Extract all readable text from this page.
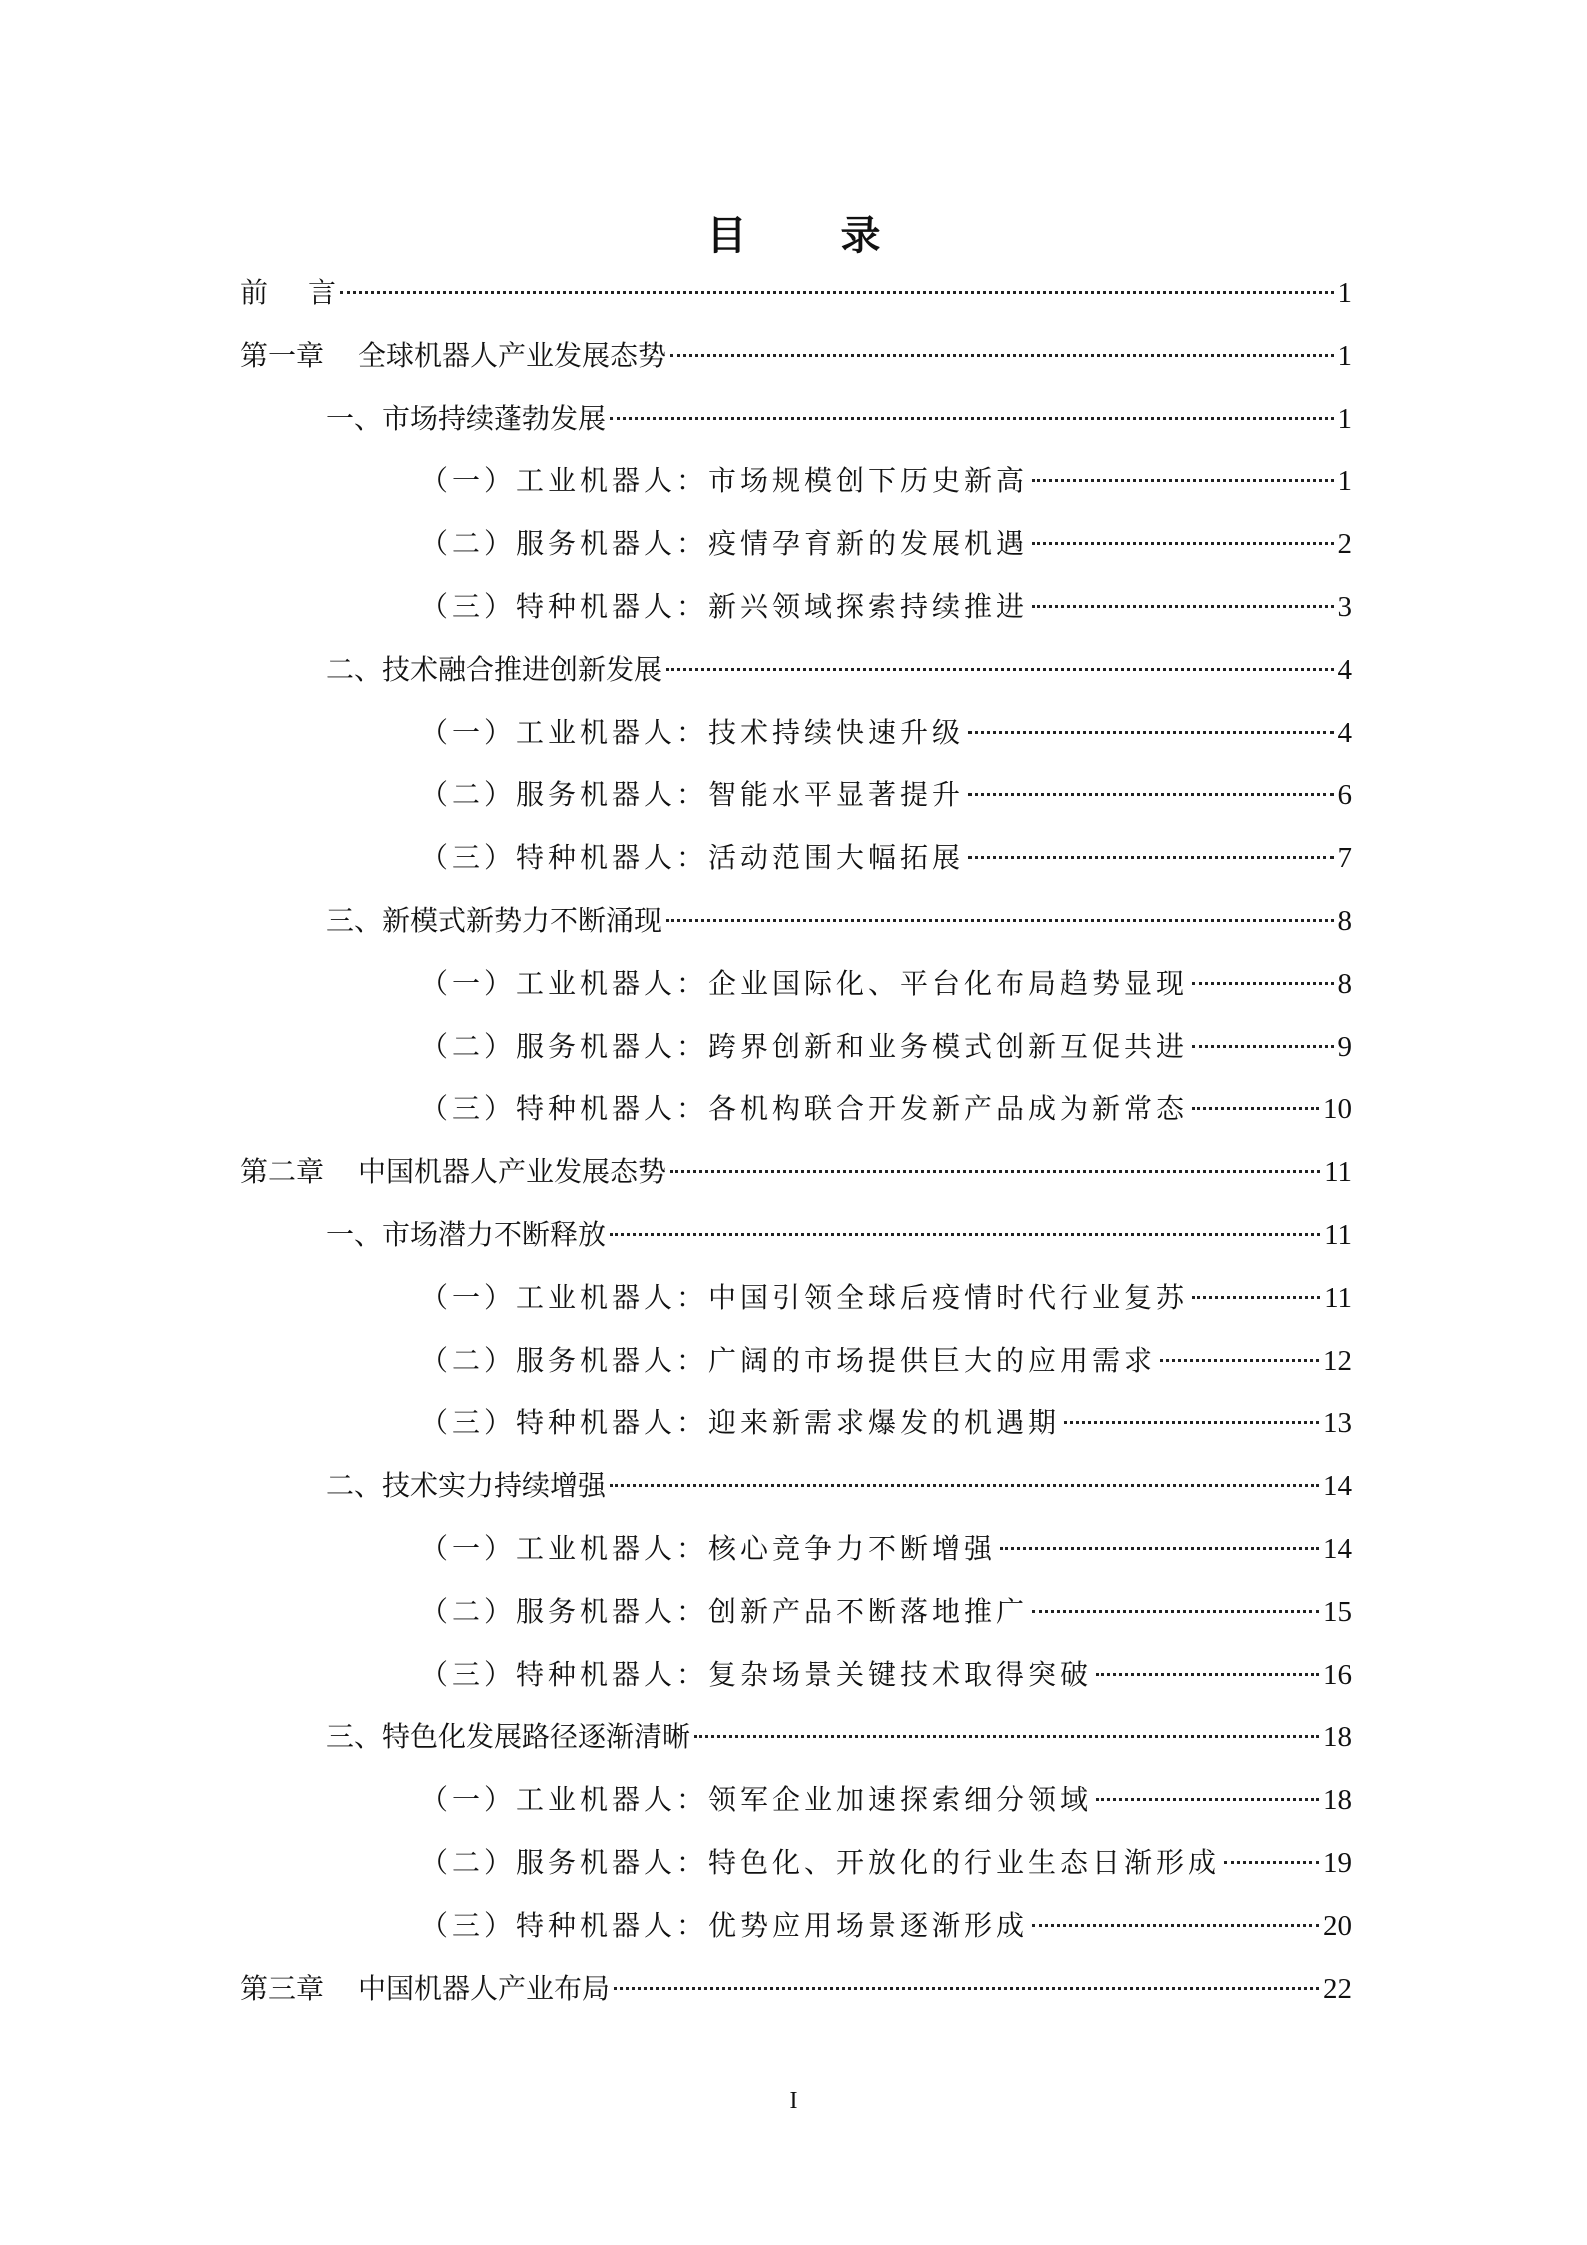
目 录
前 言	1
第一章 全球机器人产业发展态势	1
一、市场持续蓬勃发展	1
（一）工业机器人：市场规模创下历史新高	1
（二）服务机器人：疫情孕育新的发展机遇	2
（三）特种机器人：新兴领域探索持续推进	3
二、技术融合推进创新发展	4
（一）工业机器人：技术持续快速升级	4
（二）服务机器人：智能水平显著提升	6
（三）特种机器人：活动范围大幅拓展	7
三、新模式新势力不断涌现	8
（一）工业机器人：企业国际化、平台化布局趋势显现	8
（二）服务机器人：跨界创新和业务模式创新互促共进	9
（三）特种机器人：各机构联合开发新产品成为新常态	10
第二章 中国机器人产业发展态势	11
一、市场潜力不断释放	11
（一）工业机器人：中国引领全球后疫情时代行业复苏	11
（二）服务机器人：广阔的市场提供巨大的应用需求	12
（三）特种机器人：迎来新需求爆发的机遇期	13
二、技术实力持续增强	14
（一）工业机器人：核心竞争力不断增强	14
（二）服务机器人：创新产品不断落地推广	15
（三）特种机器人：复杂场景关键技术取得突破	16
三、特色化发展路径逐渐清晰	18
（一）工业机器人：领军企业加速探索细分领域	18
（二）服务机器人：特色化、开放化的行业生态日渐形成	19
（三）特种机器人：优势应用场景逐渐形成	20
第三章 中国机器人产业布局	22
I
